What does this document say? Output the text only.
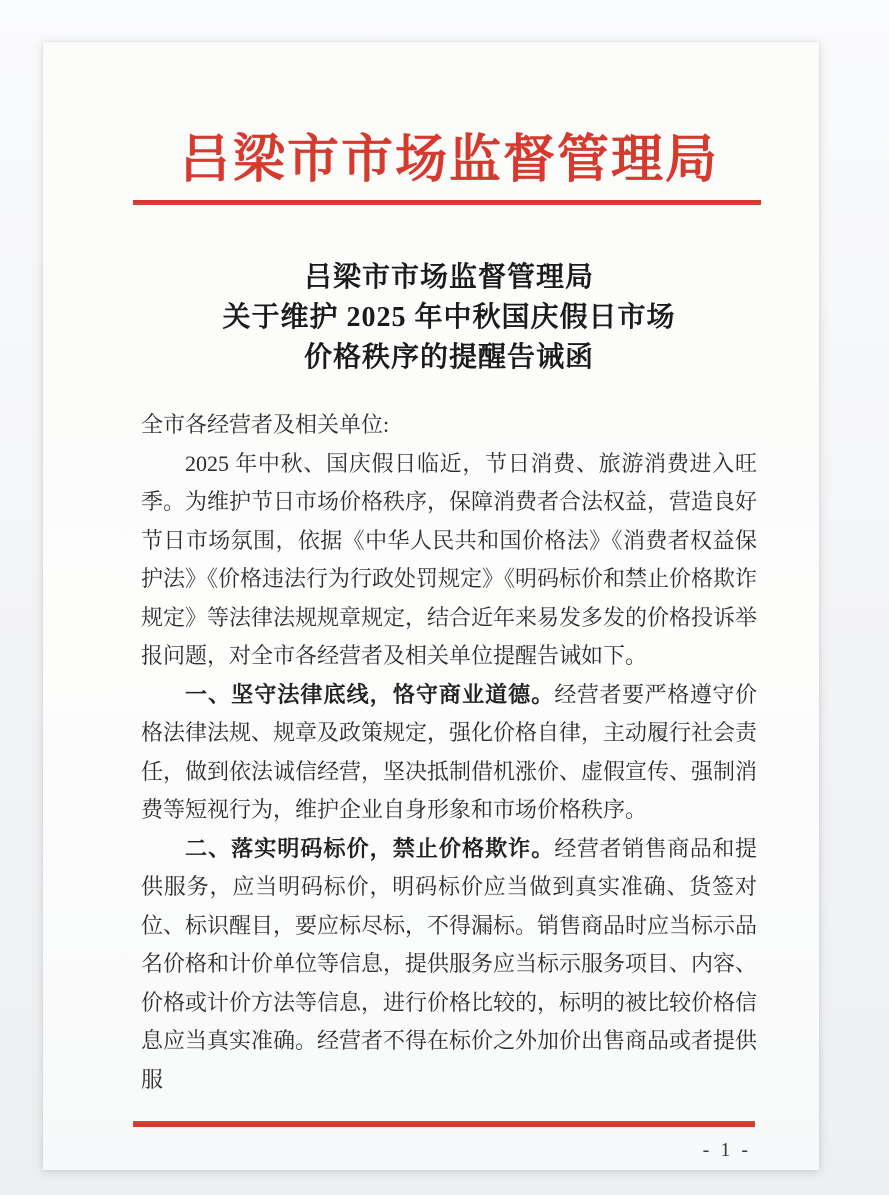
吕梁市市场监督管理局
吕梁市市场监督管理局
关于维护 2025 年中秋国庆假日市场
价格秩序的提醒告诫函
全市各经营者及相关单位:

2025 年中秋、国庆假日临近，节日消费、旅游消费进入旺季。为维护节日市场价格秩序，保障消费者合法权益，营造良好节日市场氛围，依据《中华人民共和国价格法》《消费者权益保护法》《价格违法行为行政处罚规定》《明码标价和禁止价格欺诈规定》等法律法规规章规定，结合近年来易发多发的价格投诉举报问题，对全市各经营者及相关单位提醒告诫如下。

一、坚守法律底线，恪守商业道德。经营者要严格遵守价格法律法规、规章及政策规定，强化价格自律，主动履行社会责任，做到依法诚信经营，坚决抵制借机涨价、虚假宣传、强制消费等短视行为，维护企业自身形象和市场价格秩序。

二、落实明码标价，禁止价格欺诈。经营者销售商品和提供服务，应当明码标价，明码标价应当做到真实准确、货签对位、标识醒目，要应标尽标，不得漏标。销售商品时应当标示品名价格和计价单位等信息，提供服务应当标示服务项目、内容、价格或计价方法等信息，进行价格比较的，标明的被比较价格信息应当真实准确。经营者不得在标价之外加价出售商品或者提供服

- 1 -
